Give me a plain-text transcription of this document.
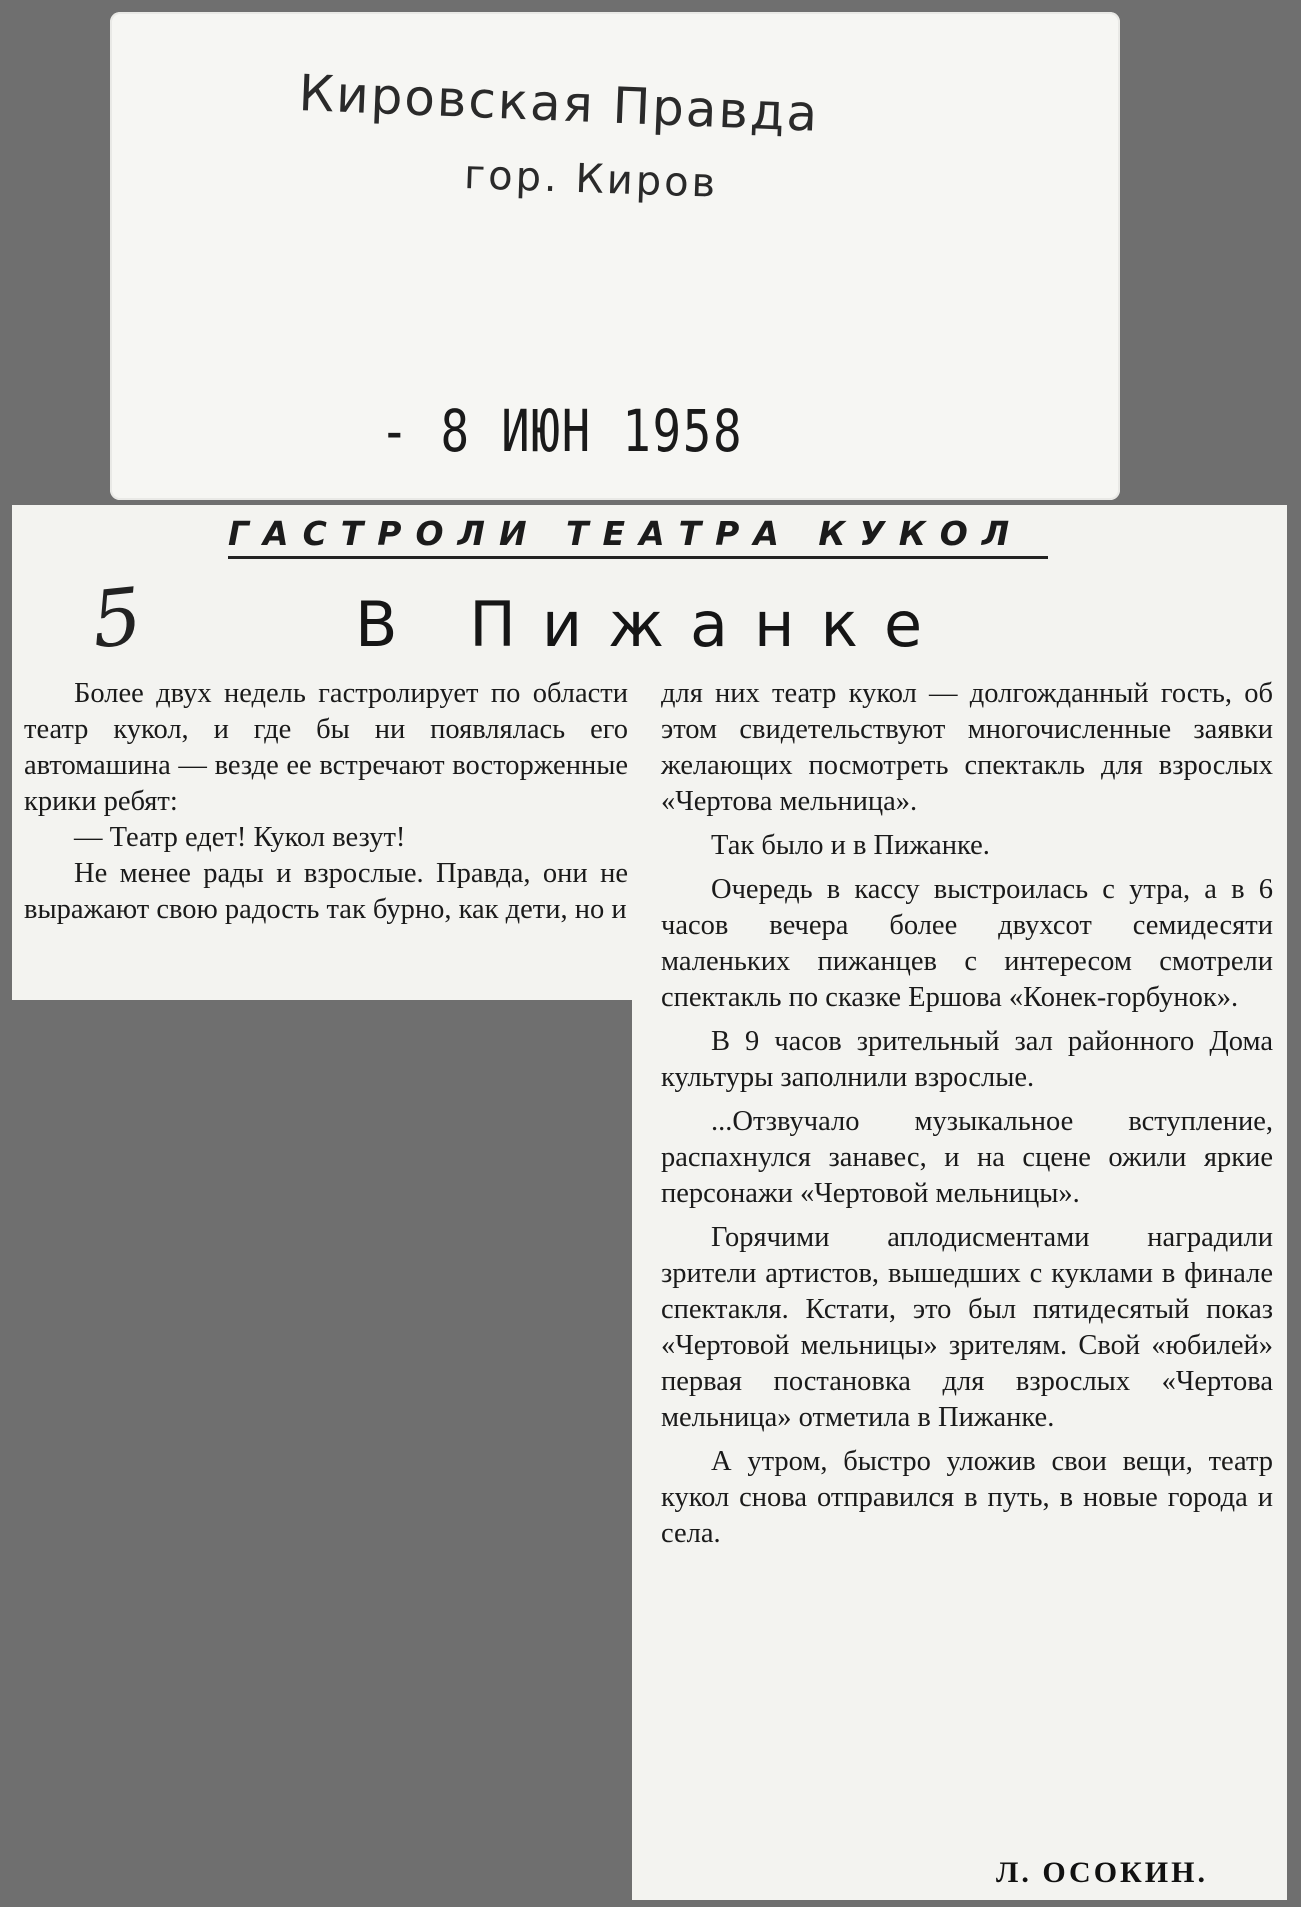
Кировская Правда
гор. Киров
- 8 ИЮН 1958
ГАСТРОЛИ ТЕАТРА КУКОЛ
5	В Пижанке

Более двух недель гастролирует по области театр кукол, и где бы ни появлялась его автомашина — везде ее встречают восторженные крики ребят:

— Театр едет! Кукол везут!

Не менее рады и взрослые. Правда, они не выражают свою радость так бурно, как дети, но и

для них театр кукол — долгожданный гость, об этом свидетельствуют многочисленные заявки желающих посмотреть спектакль для взрослых «Чертова мельница».

Так было и в Пижанке.

Очередь в кассу выстроилась с утра, а в 6 часов вечера более двухсот семидесяти маленьких пижанцев с интересом смотрели спектакль по сказке Ершова «Конек-горбунок».

В 9 часов зрительный зал районного Дома культуры заполнили взрослые.

...Отзвучало музыкальное вступление, распахнулся занавес, и на сцене ожили яркие персонажи «Чертовой мельницы».

Горячими аплодисментами наградили зрители артистов, вышедших с куклами в финале спектакля. Кстати, это был пятидесятый показ «Чертовой мельницы» зрителям. Свой «юбилей» первая постановка для взрослых «Чертова мельница» отметила в Пижанке.

А утром, быстро уложив свои вещи, театр кукол снова отправился в путь, в новые города и села.

Л. ОСОКИН.
